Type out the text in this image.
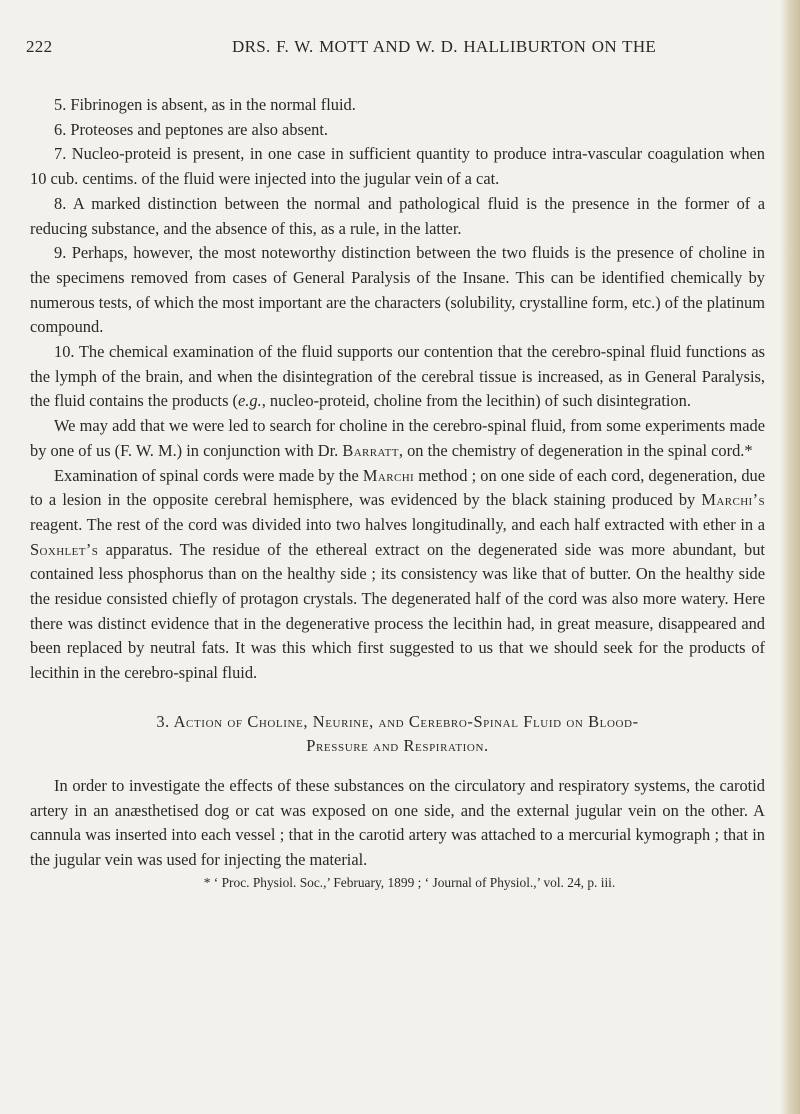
222	DRS. F. W. MOTT AND W. D. HALLIBURTON ON THE

5. Fibrinogen is absent, as in the normal fluid.

6. Proteoses and peptones are also absent.

7. Nucleo-proteid is present, in one case in sufficient quantity to produce intra-vascular coagulation when 10 cub. centims. of the fluid were injected into the jugular vein of a cat.

8. A marked distinction between the normal and pathological fluid is the presence in the former of a reducing substance, and the absence of this, as a rule, in the latter.

9. Perhaps, however, the most noteworthy distinction between the two fluids is the presence of choline in the specimens removed from cases of General Paralysis of the Insane. This can be identified chemically by numerous tests, of which the most important are the characters (solubility, crystalline form, etc.) of the platinum compound.

10. The chemical examination of the fluid supports our contention that the cerebro-spinal fluid functions as the lymph of the brain, and when the disintegration of the cerebral tissue is increased, as in General Paralysis, the fluid contains the products (e.g., nucleo-proteid, choline from the lecithin) of such disintegration.

We may add that we were led to search for choline in the cerebro-spinal fluid, from some experiments made by one of us (F. W. M.) in conjunction with Dr. Barratt, on the chemistry of degeneration in the spinal cord.*

Examination of spinal cords were made by the Marchi method ; on one side of each cord, degeneration, due to a lesion in the opposite cerebral hemisphere, was evidenced by the black staining produced by Marchi’s reagent. The rest of the cord was divided into two halves longitudinally, and each half extracted with ether in a Soxhlet’s apparatus. The residue of the ethereal extract on the degenerated side was more abundant, but contained less phosphorus than on the healthy side ; its consistency was like that of butter. On the healthy side the residue consisted chiefly of protagon crystals. The degenerated half of the cord was also more watery. Here there was distinct evidence that in the degenerative process the lecithin had, in great measure, disappeared and been replaced by neutral fats. It was this which first suggested to us that we should seek for the products of lecithin in the cerebro-spinal fluid.

3. Action of Choline, Neurine, and Cerebro-Spinal Fluid on Blood-
Pressure and Respiration.

In order to investigate the effects of these substances on the circulatory and respiratory systems, the carotid artery in an anæsthetised dog or cat was exposed on one side, and the external jugular vein on the other. A cannula was inserted into each vessel ; that in the carotid artery was attached to a mercurial kymograph ; that in the jugular vein was used for injecting the material.

* ‘ Proc. Physiol. Soc.,’ February, 1899 ; ‘ Journal of Physiol.,’ vol. 24, p. iii.
